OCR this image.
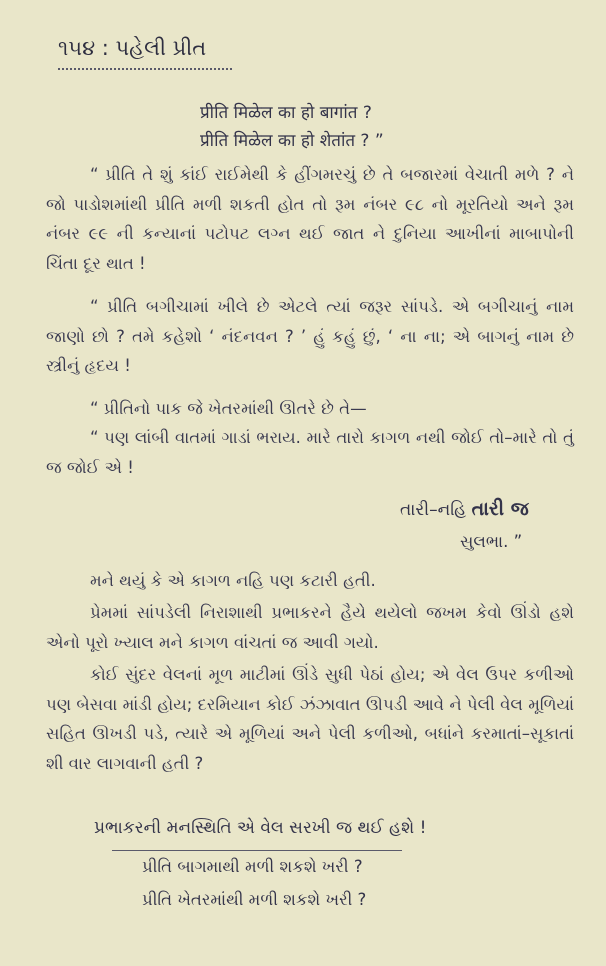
૧૫૪ : પહેલી પ્રીત
प्रीति मिळेल का हो बागांत ?
प्रीति मिळेल का हो शेतांत ? ”
“ પ્રીતિ તે શું કાંઈ રાઈમેથી કે હીંગમરચું છે તે બજારમાં વેચાતી મળે ? ને જો પાડોશમાંથી પ્રીતિ મળી શકતી હોત તો રૂમ નંબર ૯૮ નો મૂરતિયો અને રૂમ નંબર ૯૯ ની કન્યાનાં પટોપટ લગ્ન થઈ જાત ને દુનિયા આખીનાં માબાપોની ચિંતા દૂર થાત !
“ પ્રીતિ બગીચામાં ખીલે છે એટલે ત્યાં જરૂર સાંપડે. એ બગીચાનું નામ જાણો છો ? તમે કહેશો ‘ નંદનવન ? ’ હું કહું છું, ‘ ના ના; એ બાગનું નામ છે સ્ત્રીનું હૃદય !
“ પ્રીતિનો પાક જે ખેતરમાંથી ઊતરે છે તે—
“ પણ લાંબી વાતમાં ગાડાં ભરાય. મારે તારો કાગળ નથી જોઈ તો–મારે તો તું જ જોઈ એ !
તારી–નહિ તારી જ
સુલભા. ”
મને થયું કે એ કાગળ નહિ પણ કટારી હતી.
પ્રેમમાં સાંપડેલી નિરાશાથી પ્રભાકરને હૈયે થયેલો જખમ કેવો ઊંડો હશે એનો પૂરો ખ્યાલ મને કાગળ વાંચતાં જ આવી ગયો.
કોઈ સુંદર વેલનાં મૂળ માટીમાં ઊંડે સુધી પેઠાં હોય; એ વેલ ઉપર કળીઓ પણ બેસવા માંડી હોય; દરમિયાન કોઈ ઝંઝાવાત ઊપડી આવે ને પેલી વેલ મૂળિયાં સહિત ઊખડી પડે, ત્યારે એ મૂળિયાં અને પેલી કળીઓ, બધાંને કરમાતાં–સૂકાતાં શી વાર લાગવાની હતી ?
પ્રભાકરની મનસ્થિતિ એ વેલ સરખી જ થઈ હશે !
પ્રીતિ બાગમાથી મળી શકશે ખરી ?
પ્રીતિ ખેતરમાંથી મળી શકશે ખરી ?
